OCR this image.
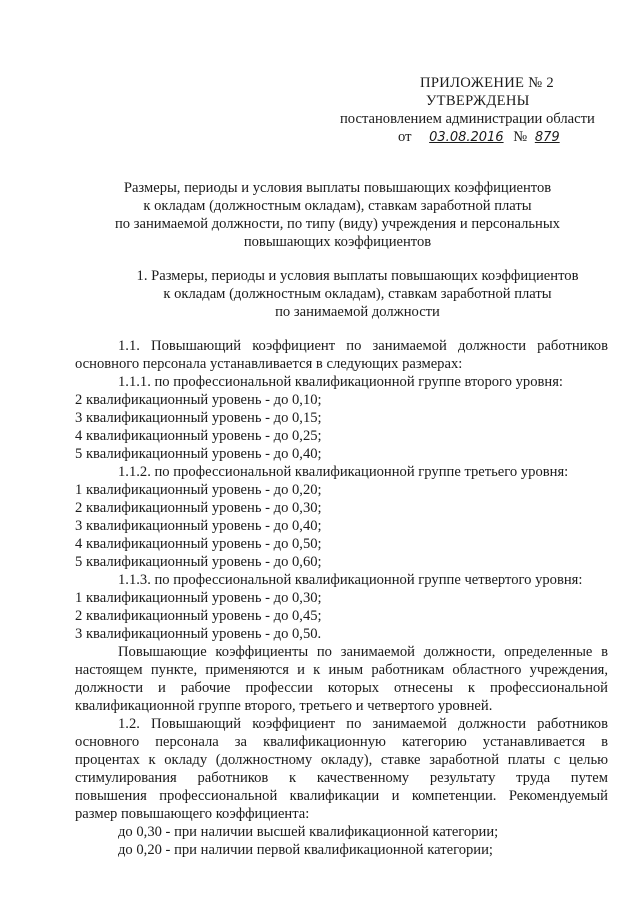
ПРИЛОЖЕНИЕ № 2
УТВЕРЖДЕНЫ
постановлением администрации области
от 03.08.2016 № 879
Размеры, периоды и условия выплаты повышающих коэффициентов
к окладам (должностным окладам), ставкам заработной платы
по занимаемой должности, по типу (виду) учреждения и персональных
повышающих коэффициентов
1. Размеры, периоды и условия выплаты повышающих коэффициентов
к окладам (должностным окладам), ставкам заработной платы
по занимаемой должности
1.1. Повышающий коэффициент по занимаемой должности работников
основного персонала устанавливается в следующих размерах:
1.1.1. по профессиональной квалификационной группе второго уровня:
2 квалификационный уровень - до 0,10;
3 квалификационный уровень - до 0,15;
4 квалификационный уровень - до 0,25;
5 квалификационный уровень - до 0,40;
1.1.2. по профессиональной квалификационной группе третьего уровня:
1 квалификационный уровень - до 0,20;
2 квалификационный уровень - до 0,30;
3 квалификационный уровень - до 0,40;
4 квалификационный уровень - до 0,50;
5 квалификационный уровень - до 0,60;
1.1.3. по профессиональной квалификационной группе четвертого уровня:
1 квалификационный уровень - до 0,30;
2 квалификационный уровень - до 0,45;
3 квалификационный уровень - до 0,50.
Повышающие коэффициенты по занимаемой должности, определенные в
настоящем пункте, применяются и к иным работникам областного учреждения,
должности и рабочие профессии которых отнесены к профессиональной
квалификационной группе второго, третьего и четвертого уровней.
1.2. Повышающий коэффициент по занимаемой должности работников
основного персонала за квалификационную категорию устанавливается в
процентах к окладу (должностному окладу), ставке заработной платы с целью
стимулирования работников к качественному результату труда путем
повышения профессиональной квалификации и компетенции. Рекомендуемый
размер повышающего коэффициента:
до 0,30 - при наличии высшей квалификационной категории;
до 0,20 - при наличии первой квалификационной категории;
